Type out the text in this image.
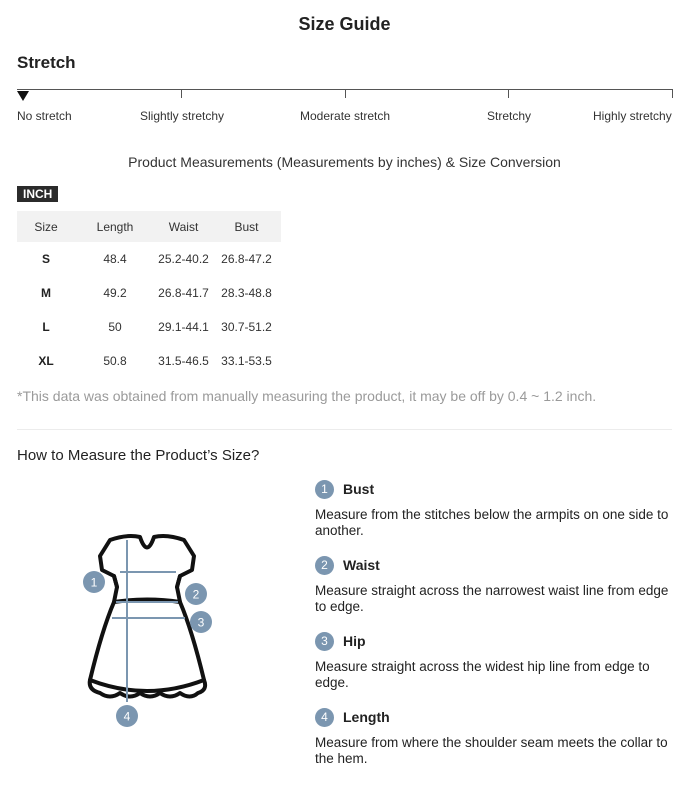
Size Guide
Stretch
No stretch	Slightly stretchy	Moderate stretch	Stretchy	Highly stretchy
Product Measurements (Measurements by inches) & Size Conversion
INCH
Size	Length	Waist	Bust
S	48.4	25.2-40.2	26.8-47.2
M	49.2	26.8-41.7	28.3-48.8
L	50	29.1-44.1	30.7-51.2
XL	50.8	31.5-46.5	33.1-53.5
*This data was obtained from manually measuring the product, it may be off by 0.4 ~ 1.2 inch.
How to Measure the Product’s Size?
1
2
3
4
1	Bust
Measure from the stitches below the armpits on one side to another.
2	Waist
Measure straight across the narrowest waist line from edge to edge.
3	Hip
Measure straight across the widest hip line from edge to edge.
4	Length
Measure from where the shoulder seam meets the collar to the hem.
